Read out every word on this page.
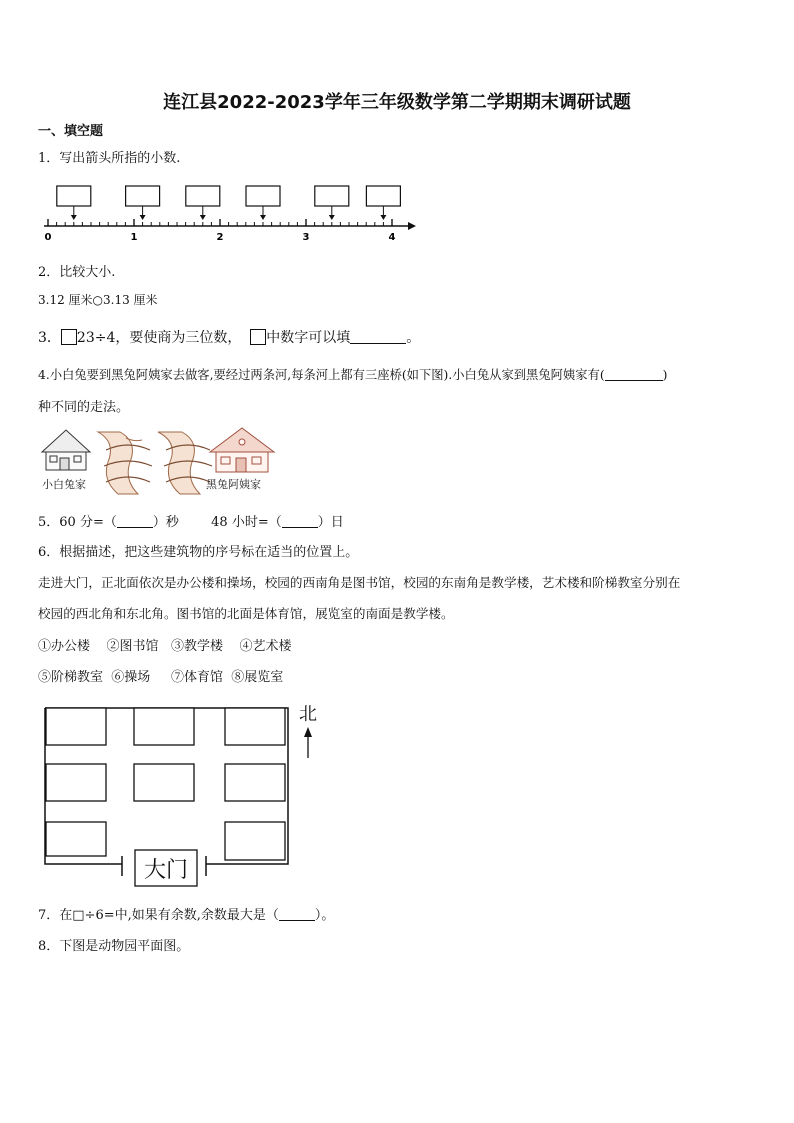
连江县2022-2023学年三年级数学第二学期期末调研试题
一、填空题
1．写出箭头所指的小数.
0	1	2	3	4
2．比较大小.
3.12 厘米○3.13 厘米
3． 23÷4，要使商为三位数， 中数字可以填	。
4.小白兔要到黑兔阿姨家去做客,要经过两条河,每条河上都有三座桥(如下图).小白兔从家到黑兔阿姨家有(	)
种不同的走法。
小白兔家	黑兔阿姨家
5．60 分=（	）秒 48 小时=（	）日
6．根据描述，把这些建筑物的序号标在适当的位置上。
走进大门，正北面依次是办公楼和操场，校园的西南角是图书馆，校园的东南角是教学楼，艺术楼和阶梯教室分别在
校园的西北角和东北角。图书馆的北面是体育馆，展览室的南面是教学楼。
①办公楼 ②图书馆 ③教学楼 ④艺术楼
⑤阶梯教室 ⑥操场 ⑦体育馆 ⑧展览室
大门
北
7．在□÷6=中,如果有余数,余数最大是（	）。
8．下图是动物园平面图。
